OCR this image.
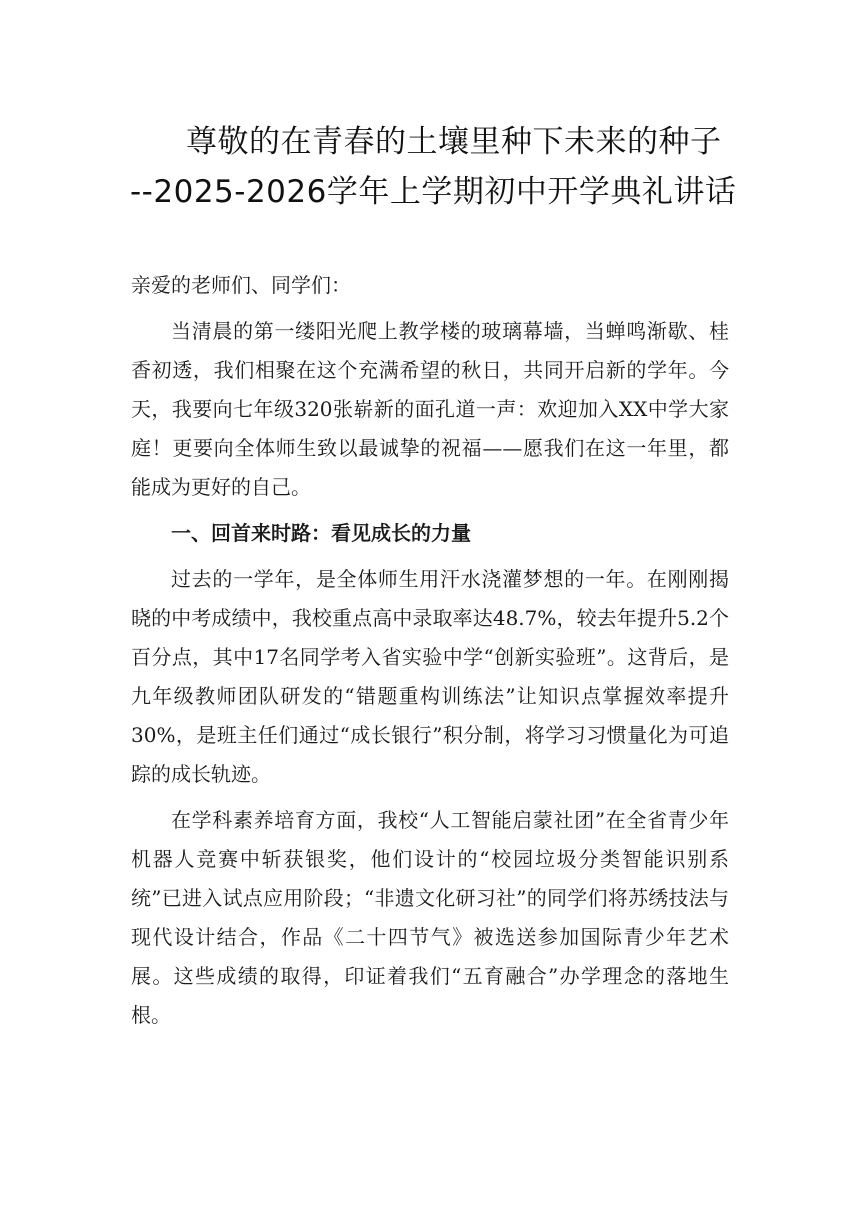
尊敬的在青春的土壤里种下未来的种子
--2025-2026学年上学期初中开学典礼讲话

亲爱的老师们、同学们：

当清晨的第一缕阳光爬上教学楼的玻璃幕墙，当蝉鸣渐歇、桂香初透，我们相聚在这个充满希望的秋日，共同开启新的学年。今天，我要向七年级320张崭新的面孔道一声：欢迎加入XX中学大家庭！更要向全体师生致以最诚挚的祝福——愿我们在这一年里，都能成为更好的自己。

一、回首来时路：看见成长的力量

过去的一学年，是全体师生用汗水浇灌梦想的一年。在刚刚揭晓的中考成绩中，我校重点高中录取率达48.7%，较去年提升5.2个百分点，其中17名同学考入省实验中学“创新实验班”。这背后，是九年级教师团队研发的“错题重构训练法”让知识点掌握效率提升30%，是班主任们通过“成长银行”积分制，将学习习惯量化为可追踪的成长轨迹。

在学科素养培育方面，我校“人工智能启蒙社团”在全省青少年机器人竞赛中斩获银奖，他们设计的“校园垃圾分类智能识别系统”已进入试点应用阶段；“非遗文化研习社”的同学们将苏绣技法与现代设计结合，作品《二十四节气》被选送参加国际青少年艺术展。这些成绩的取得，印证着我们“五育融合”办学理念的落地生根。
